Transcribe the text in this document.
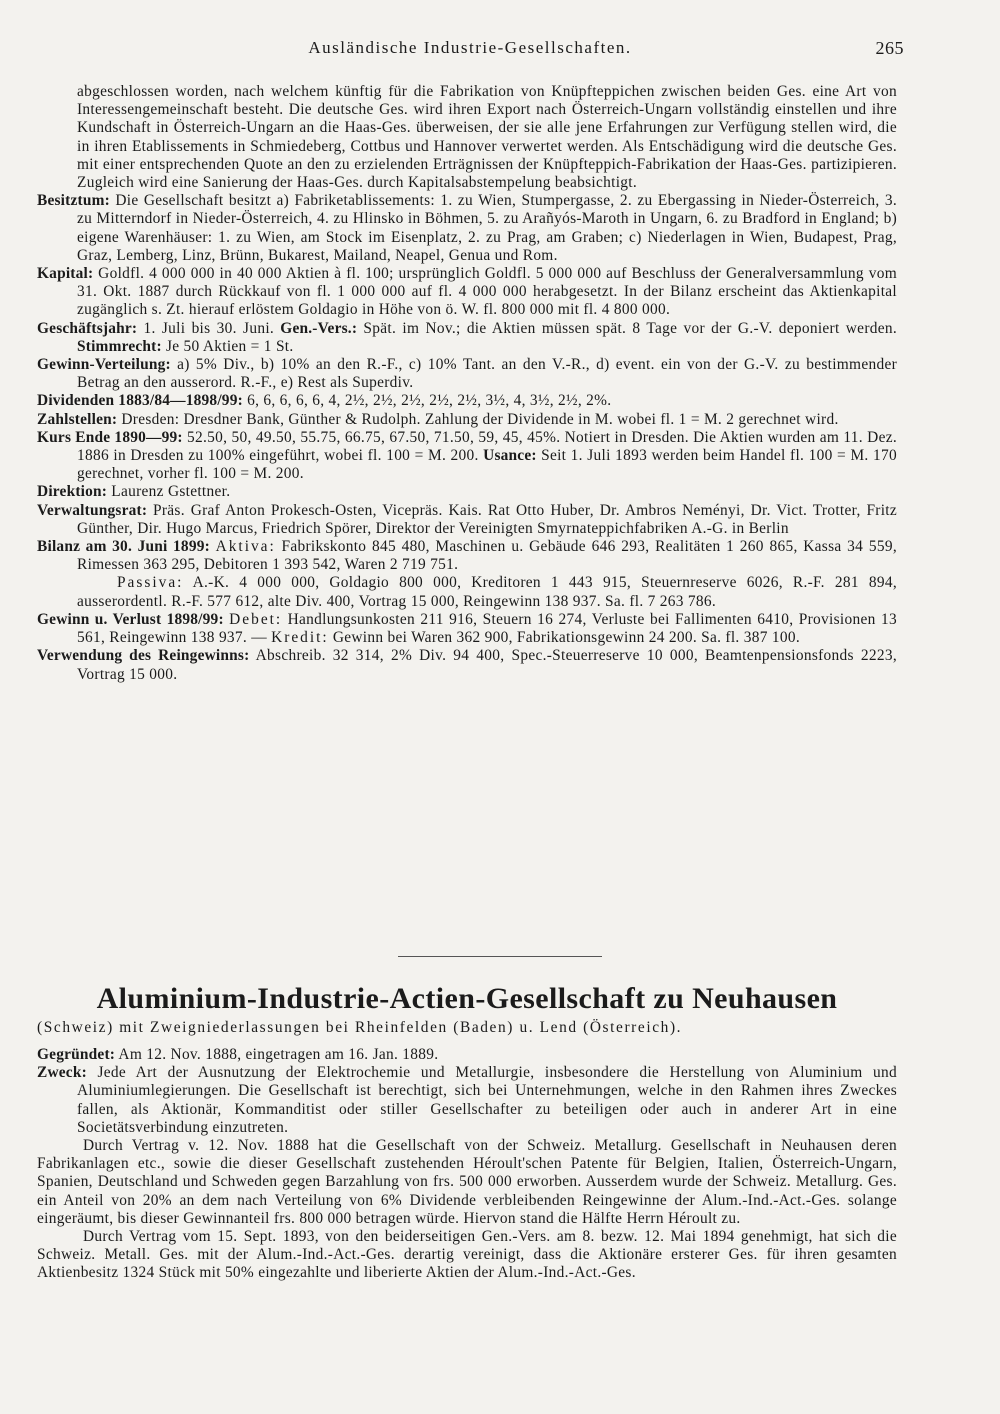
Ausländische Industrie-Gesellschaften.	265

abgeschlossen worden, nach welchem künftig für die Fabrikation von Knüpfteppichen zwischen beiden Ges. eine Art von Interessengemeinschaft besteht. Die deutsche Ges. wird ihren Export nach Österreich-Ungarn vollständig einstellen und ihre Kundschaft in Österreich-Ungarn an die Haas-Ges. überweisen, der sie alle jene Erfahrungen zur Verfügung stellen wird, die in ihren Etablissements in Schmiedeberg, Cottbus und Hannover verwertet werden. Als Entschädigung wird die deutsche Ges. mit einer entsprechenden Quote an den zu erzielenden Erträgnissen der Knüpfteppich-Fabrikation der Haas-Ges. partizipieren. Zugleich wird eine Sanierung der Haas-Ges. durch Kapitalsabstempelung beabsichtigt.

Besitztum: Die Gesellschaft besitzt a) Fabriketablissements: 1. zu Wien, Stumpergasse, 2. zu Ebergassing in Nieder-Österreich, 3. zu Mitterndorf in Nieder-Österreich, 4. zu Hlinsko in Böhmen, 5. zu Arañyós-Maroth in Ungarn, 6. zu Bradford in England; b) eigene Warenhäuser: 1. zu Wien, am Stock im Eisenplatz, 2. zu Prag, am Graben; c) Niederlagen in Wien, Budapest, Prag, Graz, Lemberg, Linz, Brünn, Bukarest, Mailand, Neapel, Genua und Rom.

Kapital: Goldfl. 4 000 000 in 40 000 Aktien à fl. 100; ursprünglich Goldfl. 5 000 000 auf Beschluss der Generalversammlung vom 31. Okt. 1887 durch Rückkauf von fl. 1 000 000 auf fl. 4 000 000 herabgesetzt. In der Bilanz erscheint das Aktienkapital zugänglich s. Zt. hierauf erlöstem Goldagio in Höhe von ö. W. fl. 800 000 mit fl. 4 800 000.

Geschäftsjahr: 1. Juli bis 30. Juni. Gen.-Vers.: Spät. im Nov.; die Aktien müssen spät. 8 Tage vor der G.-V. deponiert werden. Stimmrecht: Je 50 Aktien = 1 St.

Gewinn-Verteilung: a) 5% Div., b) 10% an den R.-F., c) 10% Tant. an den V.-R., d) event. ein von der G.-V. zu bestimmender Betrag an den ausserord. R.-F., e) Rest als Superdiv.

Dividenden 1883/84—1898/99: 6, 6, 6, 6, 6, 4, 2½, 2½, 2½, 2½, 2½, 3½, 4, 3½, 2½, 2%.

Zahlstellen: Dresden: Dresdner Bank, Günther & Rudolph. Zahlung der Dividende in M. wobei fl. 1 = M. 2 gerechnet wird.

Kurs Ende 1890—99: 52.50, 50, 49.50, 55.75, 66.75, 67.50, 71.50, 59, 45, 45%. Notiert in Dresden. Die Aktien wurden am 11. Dez. 1886 in Dresden zu 100% eingeführt, wobei fl. 100 = M. 200. Usance: Seit 1. Juli 1893 werden beim Handel fl. 100 = M. 170 gerechnet, vorher fl. 100 = M. 200.

Direktion: Laurenz Gstettner.

Verwaltungsrat: Präs. Graf Anton Prokesch-Osten, Vicepräs. Kais. Rat Otto Huber, Dr. Ambros Neményi, Dr. Vict. Trotter, Fritz Günther, Dir. Hugo Marcus, Friedrich Spörer, Direktor der Vereinigten Smyrnateppichfabriken A.-G. in Berlin

Bilanz am 30. Juni 1899: Aktiva: Fabrikskonto 845 480, Maschinen u. Gebäude 646 293, Realitäten 1 260 865, Kassa 34 559, Rimessen 363 295, Debitoren 1 393 542, Waren 2 719 751.
Passiva: A.-K. 4 000 000, Goldagio 800 000, Kreditoren 1 443 915, Steuernreserve 6026, R.-F. 281 894, ausserordentl. R.-F. 577 612, alte Div. 400, Vortrag 15 000, Reingewinn 138 937. Sa. fl. 7 263 786.

Gewinn u. Verlust 1898/99: Debet: Handlungsunkosten 211 916, Steuern 16 274, Verluste bei Fallimenten 6410, Provisionen 13 561, Reingewinn 138 937. — Kredit: Gewinn bei Waren 362 900, Fabrikationsgewinn 24 200. Sa. fl. 387 100.

Verwendung des Reingewinns: Abschreib. 32 314, 2% Div. 94 400, Spec.-Steuerreserve 10 000, Beamtenpensionsfonds 2223, Vortrag 15 000.

Aluminium-Industrie-Actien-Gesellschaft zu Neuhausen
(Schweiz) mit Zweigniederlassungen bei Rheinfelden (Baden) u. Lend (Österreich).

Gegründet: Am 12. Nov. 1888, eingetragen am 16. Jan. 1889.

Zweck: Jede Art der Ausnutzung der Elektrochemie und Metallurgie, insbesondere die Herstellung von Aluminium und Aluminiumlegierungen. Die Gesellschaft ist berechtigt, sich bei Unternehmungen, welche in den Rahmen ihres Zweckes fallen, als Aktionär, Kommanditist oder stiller Gesellschafter zu beteiligen oder auch in anderer Art in eine Societätsverbindung einzutreten.

Durch Vertrag v. 12. Nov. 1888 hat die Gesellschaft von der Schweiz. Metallurg. Gesellschaft in Neuhausen deren Fabrikanlagen etc., sowie die dieser Gesellschaft zustehenden Héroult'schen Patente für Belgien, Italien, Österreich-Ungarn, Spanien, Deutschland und Schweden gegen Barzahlung von frs. 500 000 erworben. Ausserdem wurde der Schweiz. Metallurg. Ges. ein Anteil von 20% an dem nach Verteilung von 6% Dividende verbleibenden Reingewinne der Alum.-Ind.-Act.-Ges. solange eingeräumt, bis dieser Gewinnanteil frs. 800 000 betragen würde. Hiervon stand die Hälfte Herrn Héroult zu.

Durch Vertrag vom 15. Sept. 1893, von den beiderseitigen Gen.-Vers. am 8. bezw. 12. Mai 1894 genehmigt, hat sich die Schweiz. Metall. Ges. mit der Alum.-Ind.-Act.-Ges. derartig vereinigt, dass die Aktionäre ersterer Ges. für ihren gesamten Aktienbesitz 1324 Stück mit 50% eingezahlte und liberierte Aktien der Alum.-Ind.-Act.-Ges.
